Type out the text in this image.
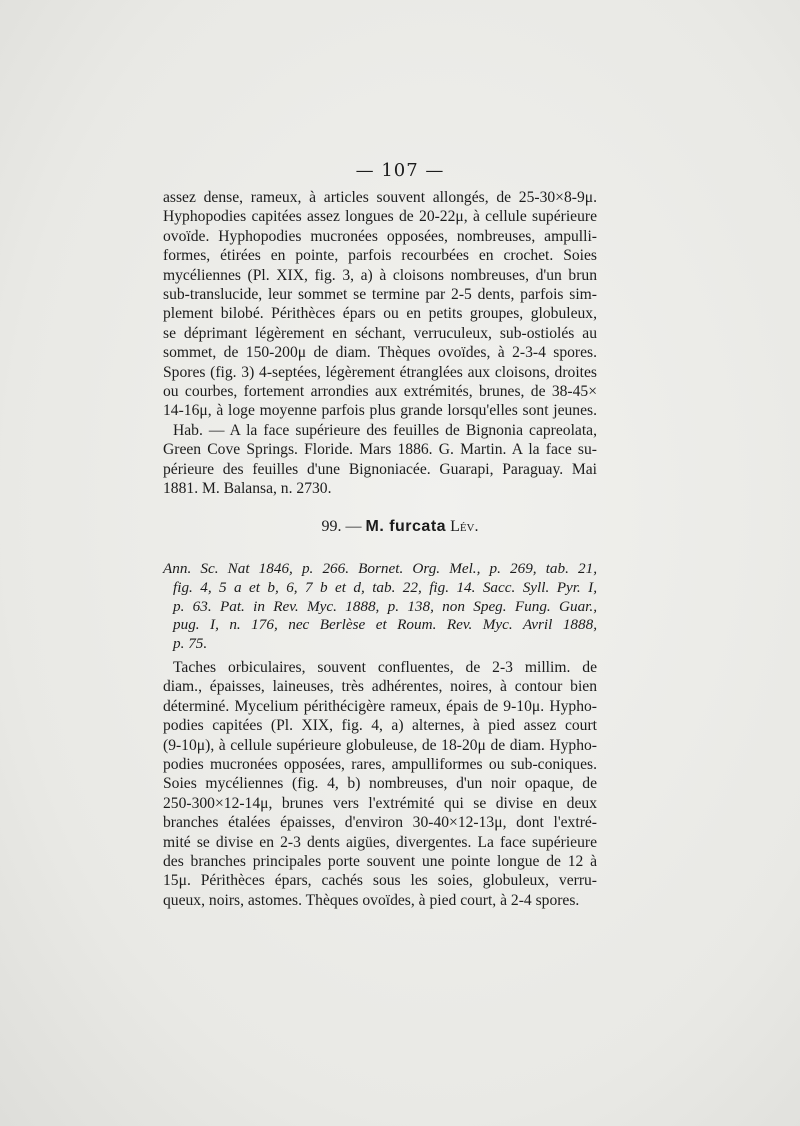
— 107 —
assez dense, rameux, à articles souvent allongés, de 25-30×8-9μ.
Hyphopodies capitées assez longues de 20-22μ, à cellule supérieure
ovoïde. Hyphopodies mucronées opposées, nombreuses, ampulli-
formes, étirées en pointe, parfois recourbées en crochet. Soies
mycéliennes (Pl. XIX, fig. 3, a) à cloisons nombreuses, d'un brun
sub-translucide, leur sommet se termine par 2-5 dents, parfois sim-
plement bilobé. Périthèces épars ou en petits groupes, globuleux,
se déprimant légèrement en séchant, verruculeux, sub-ostiolés au
sommet, de 150-200μ de diam. Thèques ovoïdes, à 2-3-4 spores.
Spores (fig. 3) 4-septées, légèrement étranglées aux cloisons, droites
ou courbes, fortement arrondies aux extrémités, brunes, de 38-45×
14-16μ, à loge moyenne parfois plus grande lorsqu'elles sont jeunes.
Hab. — A la face supérieure des feuilles de Bignonia capreolata,
Green Cove Springs. Floride. Mars 1886. G. Martin. A la face su-
périeure des feuilles d'une Bignoniacée. Guarapi, Paraguay. Mai
1881. M. Balansa, n. 2730.
99. — M. furcata Lév.
Ann. Sc. Nat 1846, p. 266. Bornet. Org. Mel., p. 269, tab. 21,
fig. 4, 5 a et b, 6, 7 b et d, tab. 22, fig. 14. Sacc. Syll. Pyr. I,
p. 63. Pat. in Rev. Myc. 1888, p. 138, non Speg. Fung. Guar.,
pug. I, n. 176, nec Berlèse et Roum. Rev. Myc. Avril 1888,
p. 75.
Taches orbiculaires, souvent confluentes, de 2-3 millim. de
diam., épaisses, laineuses, très adhérentes, noires, à contour bien
déterminé. Mycelium périthécigère rameux, épais de 9-10μ. Hypho-
podies capitées (Pl. XIX, fig. 4, a) alternes, à pied assez court
(9-10μ), à cellule supérieure globuleuse, de 18-20μ de diam. Hypho-
podies mucronées opposées, rares, ampulliformes ou sub-coniques.
Soies mycéliennes (fig. 4, b) nombreuses, d'un noir opaque, de
250-300×12-14μ, brunes vers l'extrémité qui se divise en deux
branches étalées épaisses, d'environ 30-40×12-13μ, dont l'extré-
mité se divise en 2-3 dents aigües, divergentes. La face supérieure
des branches principales porte souvent une pointe longue de 12 à
15μ. Périthèces épars, cachés sous les soies, globuleux, verru-
queux, noirs, astomes. Thèques ovoïdes, à pied court, à 2-4 spores.
